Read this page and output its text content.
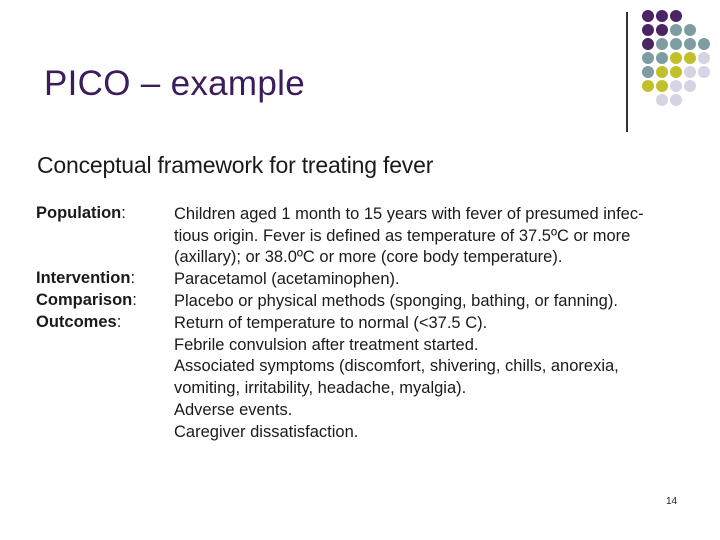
PICO – example
Conceptual framework for treating fever
Population:
Intervention:
Comparison:
Outcomes:
Children aged 1 month to 15 years with fever of presumed infec-
tious origin. Fever is defined as temperature of 37.5ºC or more
(axillary); or 38.0ºC or more (core body temperature).
Paracetamol (acetaminophen).
Placebo or physical methods (sponging, bathing, or fanning).
Return of temperature to normal (<37.5 C).
Febrile convulsion after treatment started.
Associated symptoms (discomfort, shivering, chills, anorexia,
vomiting, irritability, headache, myalgia).
Adverse events.
Caregiver dissatisfaction.
14
